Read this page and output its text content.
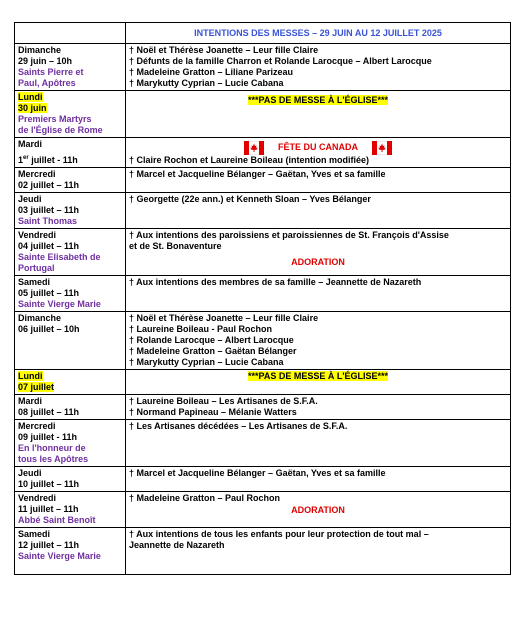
	INTENTIONS DES MESSES – 29 JUIN AU 12 JUILLET 2025

Dimanche
29 juin – 10h
Saints Pierre et
Paul, Apôtres	† Noël et Thérèse Joanette – Leur fille Claire
† Défunts de la famille Charron et Rolande Larocque – Albert Larocque
† Madeleine Gratton – Liliane Parizeau
† Marykutty Cyprian – Lucie Cabana

Lundi
30 juin
Premiers Martyrs
de l'Église de Rome	***PAS DE MESSE À L'ÉGLISE***

Mardi
1er juillet - 11h	FÊTE DU CANADA
† Claire Rochon et Laureine Boileau (intention modifiée)

Mercredi
02 juillet – 11h	† Marcel et Jacqueline Bélanger – Gaëtan, Yves et sa famille

Jeudi
03 juillet – 11h
Saint Thomas	† Georgette (22e ann.) et Kenneth Sloan – Yves Bélanger

Vendredi
04 juillet – 11h
Sainte Elisabeth de
Portugal	† Aux intentions des paroissiens et paroissiennes de St. François d'Assise
et de St. Bonaventure
ADORATION

Samedi
05 juillet – 11h
Sainte Vierge Marie	† Aux intentions des membres de sa famille – Jeannette de Nazareth

Dimanche
06 juillet – 10h	† Noël et Thérèse Joanette – Leur fille Claire
† Laureine Boileau - Paul Rochon
† Rolande Larocque – Albert Larocque
† Madeleine Gratton – Gaëtan Bélanger
† Marykutty Cyprian – Lucie Cabana

Lundi
07 juillet	***PAS DE MESSE À L'ÉGLISE***

Mardi
08 juillet – 11h	† Laureine Boileau – Les Artisanes de S.F.A.
† Normand Papineau – Mélanie Watters

Mercredi
09 juillet - 11h
En l'honneur de
tous les Apôtres	† Les Artisanes décédées – Les Artisanes de S.F.A.

Jeudi
10 juillet – 11h	† Marcel et Jacqueline Bélanger – Gaëtan, Yves et sa famille

Vendredi
11 juillet – 11h
Abbé Saint Benoît	† Madeleine Gratton – Paul Rochon
ADORATION

Samedi
12 juillet – 11h
Sainte Vierge Marie	† Aux intentions de tous les enfants pour leur protection de tout mal –
Jeannette de Nazareth
